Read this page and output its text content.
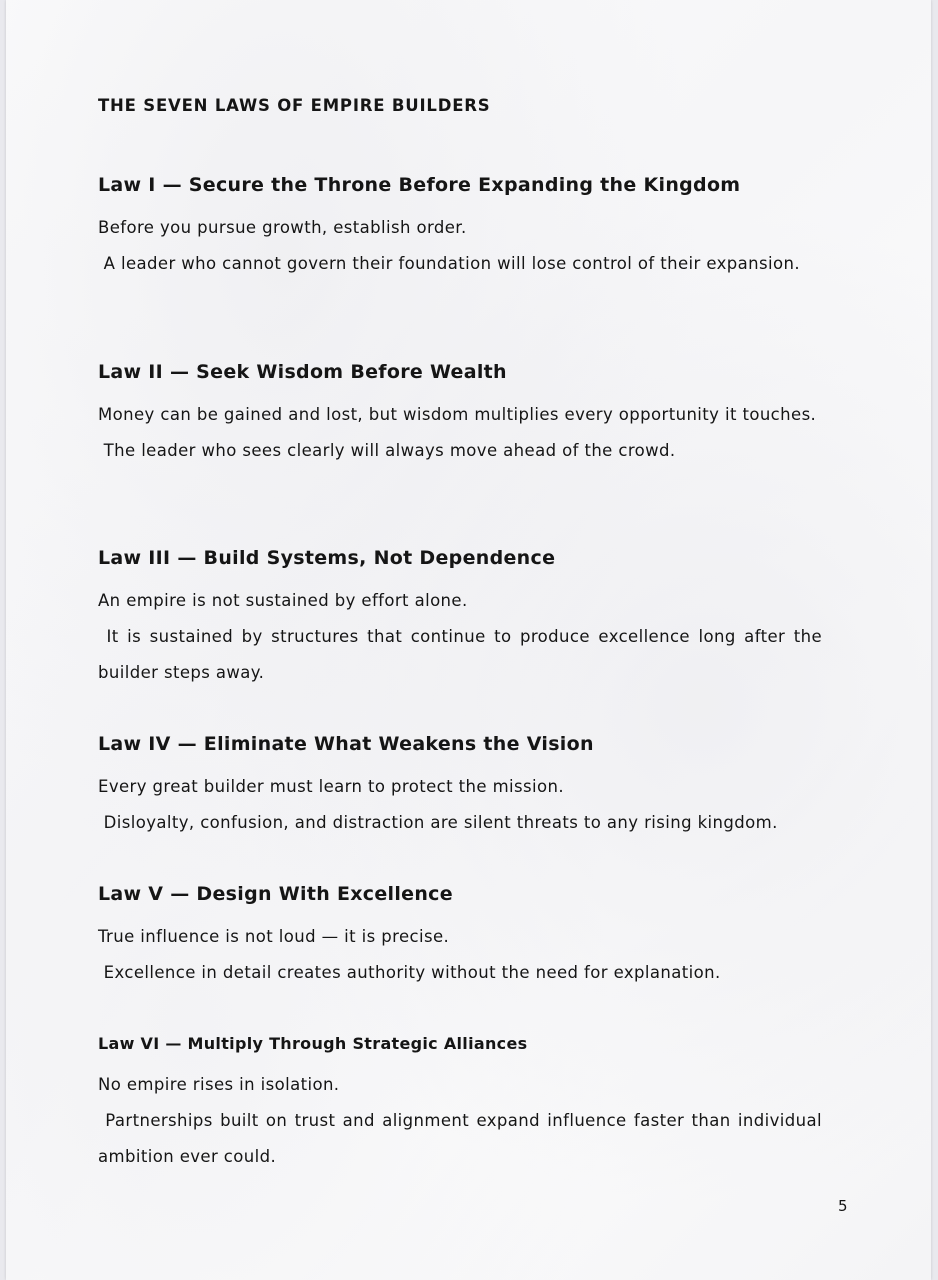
THE SEVEN LAWS OF EMPIRE BUILDERS
Law I — Secure the Throne Before Expanding the Kingdom

Before you pursue growth, establish order.

A leader who cannot govern their foundation will lose control of their expansion.

Law II — Seek Wisdom Before Wealth

Money can be gained and lost, but wisdom multiplies every opportunity it touches.

The leader who sees clearly will always move ahead of the crowd.

Law III — Build Systems, Not Dependence

An empire is not sustained by effort alone.

It is sustained by structures that continue to produce excellence long after the builder steps away.

Law IV — Eliminate What Weakens the Vision

Every great builder must learn to protect the mission.

Disloyalty, confusion, and distraction are silent threats to any rising kingdom.

Law V — Design With Excellence

True influence is not loud — it is precise.

Excellence in detail creates authority without the need for explanation.

Law VI — Multiply Through Strategic Alliances

No empire rises in isolation.

Partnerships built on trust and alignment expand influence faster than individual ambition ever could.

5
